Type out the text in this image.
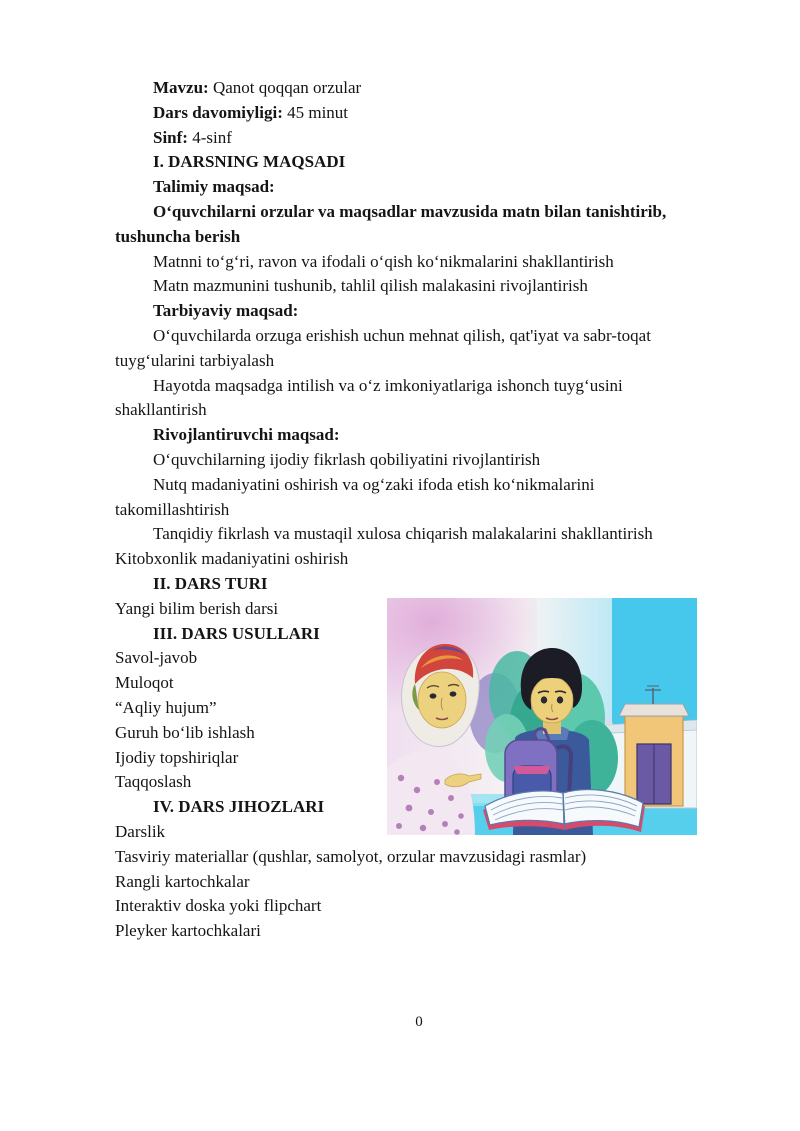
Mavzu: Qanot qoqqan orzular

Dars davomiyligi: 45 minut

Sinf: 4-sinf

I. DARSNING MAQSADI

Talimiy maqsad:

O‘quvchilarni orzular va maqsadlar mavzusida matn bilan tanishtirib,

tushuncha berish

Matnni to‘g‘ri, ravon va ifodali o‘qish ko‘nikmalarini shakllantirish

Matn mazmunini tushunib, tahlil qilish malakasini rivojlantirish

Tarbiyaviy maqsad:

O‘quvchilarda orzuga erishish uchun mehnat qilish, qat'iyat va sabr-toqat

tuyg‘ularini tarbiyalash

Hayotda maqsadga intilish va o‘z imkoniyatlariga ishonch tuyg‘usini

shakllantirish

Rivojlantiruvchi maqsad:

O‘quvchilarning ijodiy fikrlash qobiliyatini rivojlantirish

Nutq madaniyatini oshirish va og‘zaki ifoda etish ko‘nikmalarini

takomillashtirish

Tanqidiy fikrlash va mustaqil xulosa chiqarish malakalarini shakllantirish

Kitobxonlik madaniyatini oshirish

II. DARS TURI

Yangi bilim berish darsi

III. DARS USULLARI

Savol-javob

Muloqot

“Aqliy hujum”

Guruh bo‘lib ishlash

Ijodiy topshiriqlar

Taqqoslash

IV. DARS JIHOZLARI

Darslik

Tasviriy materiallar (qushlar, samolyot, orzular mavzusidagi rasmlar)

Rangli kartochkalar

Interaktiv doska yoki flipchart

Pleyker kartochkalari

0
